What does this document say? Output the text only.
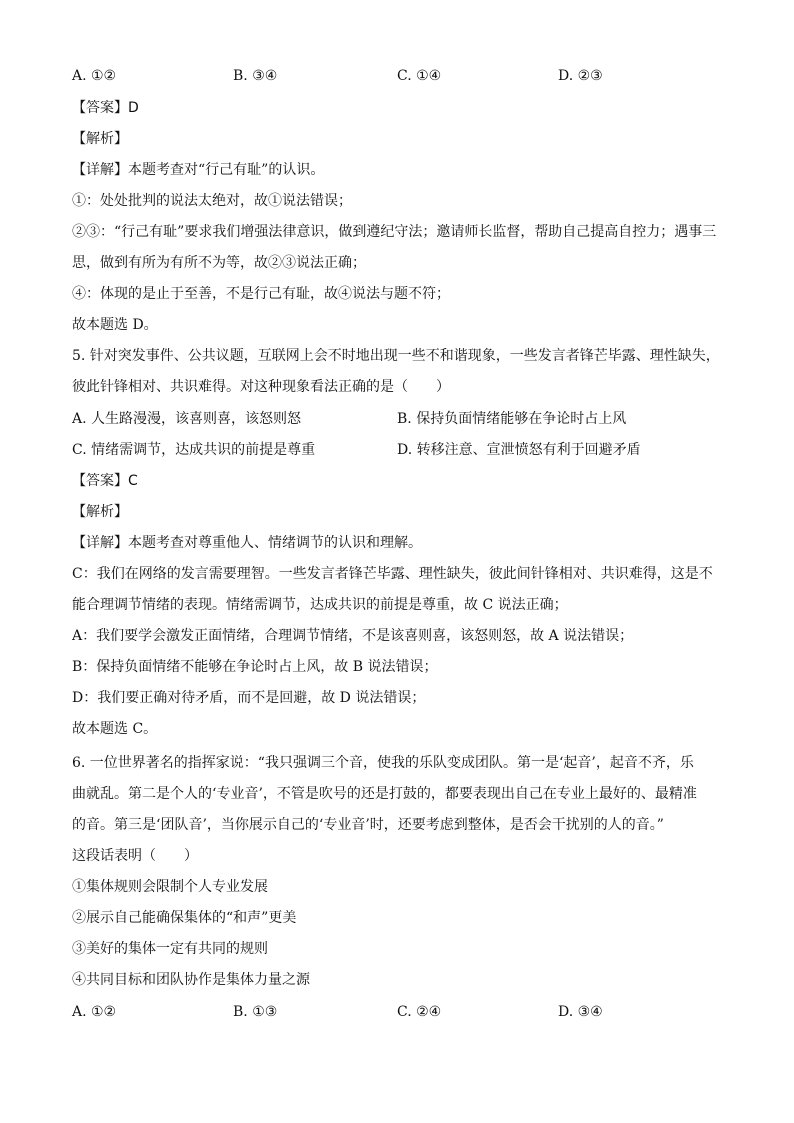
A. ①②	B. ③④	C. ①④	D. ②③
【答案】D
【解析】
【详解】本题考查对“行己有耻”的认识。
①：处处批判的说法太绝对，故①说法错误；
②③：“行己有耻”要求我们增强法律意识，做到遵纪守法；邀请师长监督，帮助自己提高自控力；遇事三
思，做到有所为有所不为等，故②③说法正确；
④：体现的是止于至善，不是行己有耻，故④说法与题不符；
故本题选 D。
5. 针对突发事件、公共议题，互联网上会不时地出现一些不和谐现象，一些发言者锋芒毕露、理性缺失，
彼此针锋相对、共识难得。对这种现象看法正确的是（　　）
A. 人生路漫漫，该喜则喜，该怒则怒	B. 保持负面情绪能够在争论时占上风
C. 情绪需调节，达成共识的前提是尊重	D. 转移注意、宣泄愤怒有利于回避矛盾
【答案】C
【解析】
【详解】本题考查对尊重他人、情绪调节的认识和理解。
C：我们在网络的发言需要理智。一些发言者锋芒毕露、理性缺失，彼此间针锋相对、共识难得，这是不
能合理调节情绪的表现。情绪需调节，达成共识的前提是尊重，故 C 说法正确；
A：我们要学会激发正面情绪，合理调节情绪，不是该喜则喜，该怒则怒，故 A 说法错误；
B：保持负面情绪不能够在争论时占上风，故 B 说法错误；
D：我们要正确对待矛盾，而不是回避，故 D 说法错误；
故本题选 C。
6. 一位世界著名的指挥家说：“我只强调三个音，使我的乐队变成团队。第一是‘起音’，起音不齐，乐
曲就乱。第二是个人的‘专业音’，不管是吹号的还是打鼓的，都要表现出自己在专业上最好的、最精准
的音。第三是‘团队音’，当你展示自己的‘专业音’时，还要考虑到整体，是否会干扰别的人的音。”
这段话表明（　　）
①集体规则会限制个人专业发展
②展示自己能确保集体的“和声”更美
③美好的集体一定有共同的规则
④共同目标和团队协作是集体力量之源
A. ①②	B. ①③	C. ②④	D. ③④
